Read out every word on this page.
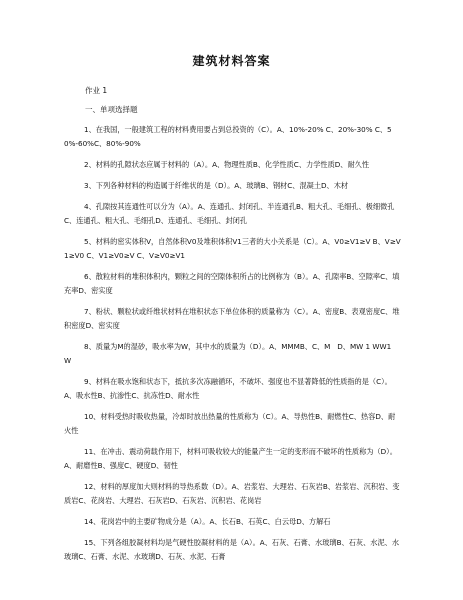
建筑材料答案
作业 1
一、单项选择题

1、在我国，一般建筑工程的材料费用要占到总投资的（C）。A、10%-20% C、20%-30% C、50%-60%C、80%-90%

2、材料的孔隙状态应属于材料的（A）。A、物理性质B、化学性质C、力学性质D、耐久性

3、下列各种材料的构造属于纤维状的是（D）。A、玻璃B、钢材C、混凝土D、木材

4、孔隙按其连通性可以分为（A）。A、连通孔、封闭孔、半连通孔B、粗大孔、毛细孔、极细微孔C、连通孔、粗大孔、毛细孔D、连通孔、毛细孔、封闭孔

5、材料的密实体积V，自然体积V0及堆积体积V1三者的大小关系是（C）。A、V0≥V1≥V B、V≥V1≥V0 C、V1≥V0≥V C、V≥V0≥V1

6、散粒材料的堆积体积内，颗粒之间的空隙体积所占的比例称为（B）。A、孔隙率B、空隙率C、填充率D、密实度

7、粉状、颗粒状或纤维状材料在堆积状态下单位体积的质量称为（C）。A、密度B、表观密度C、堆积密度D、密实度

8、质量为M的湿砂，吸水率为W，其中水的质量为（D）。A、MMMB、C、M   D、MW 1 WW1   W

9、材料在吸水饱和状态下，抵抗多次冻融循环，不破坏、强度也不显著降低的性质指的是（C）。A、吸水性B、抗渗性C、抗冻性D、耐水性

10、材料受热时吸收热量，冷却时放出热量的性质称为（C）。A、导热性B、耐燃性C、热容D、耐火性

11、在冲击、震动荷载作用下，材料可吸收较大的能量产生一定的变形而不破坏的性质称为（D）。A、耐磨性B、强度C、硬度D、韧性

12、材料的厚度加大则材料的导热系数（D）。A、岩浆岩、大理岩、石灰岩B、岩浆岩、沉积岩、变质岩C、花岗岩、大理岩、石灰岩D、石灰岩、沉积岩、花岗岩

14、花岗岩中的主要矿物成分是（A）。A、长石B、石英C、白云母D、方解石

15、下列各组胶凝材料均是气硬性胶凝材料的是（A）。A、石灰、石膏、水玻璃B、石灰、水泥、水玻璃C、石膏、水泥、水玻璃D、石灰、水泥、石膏
